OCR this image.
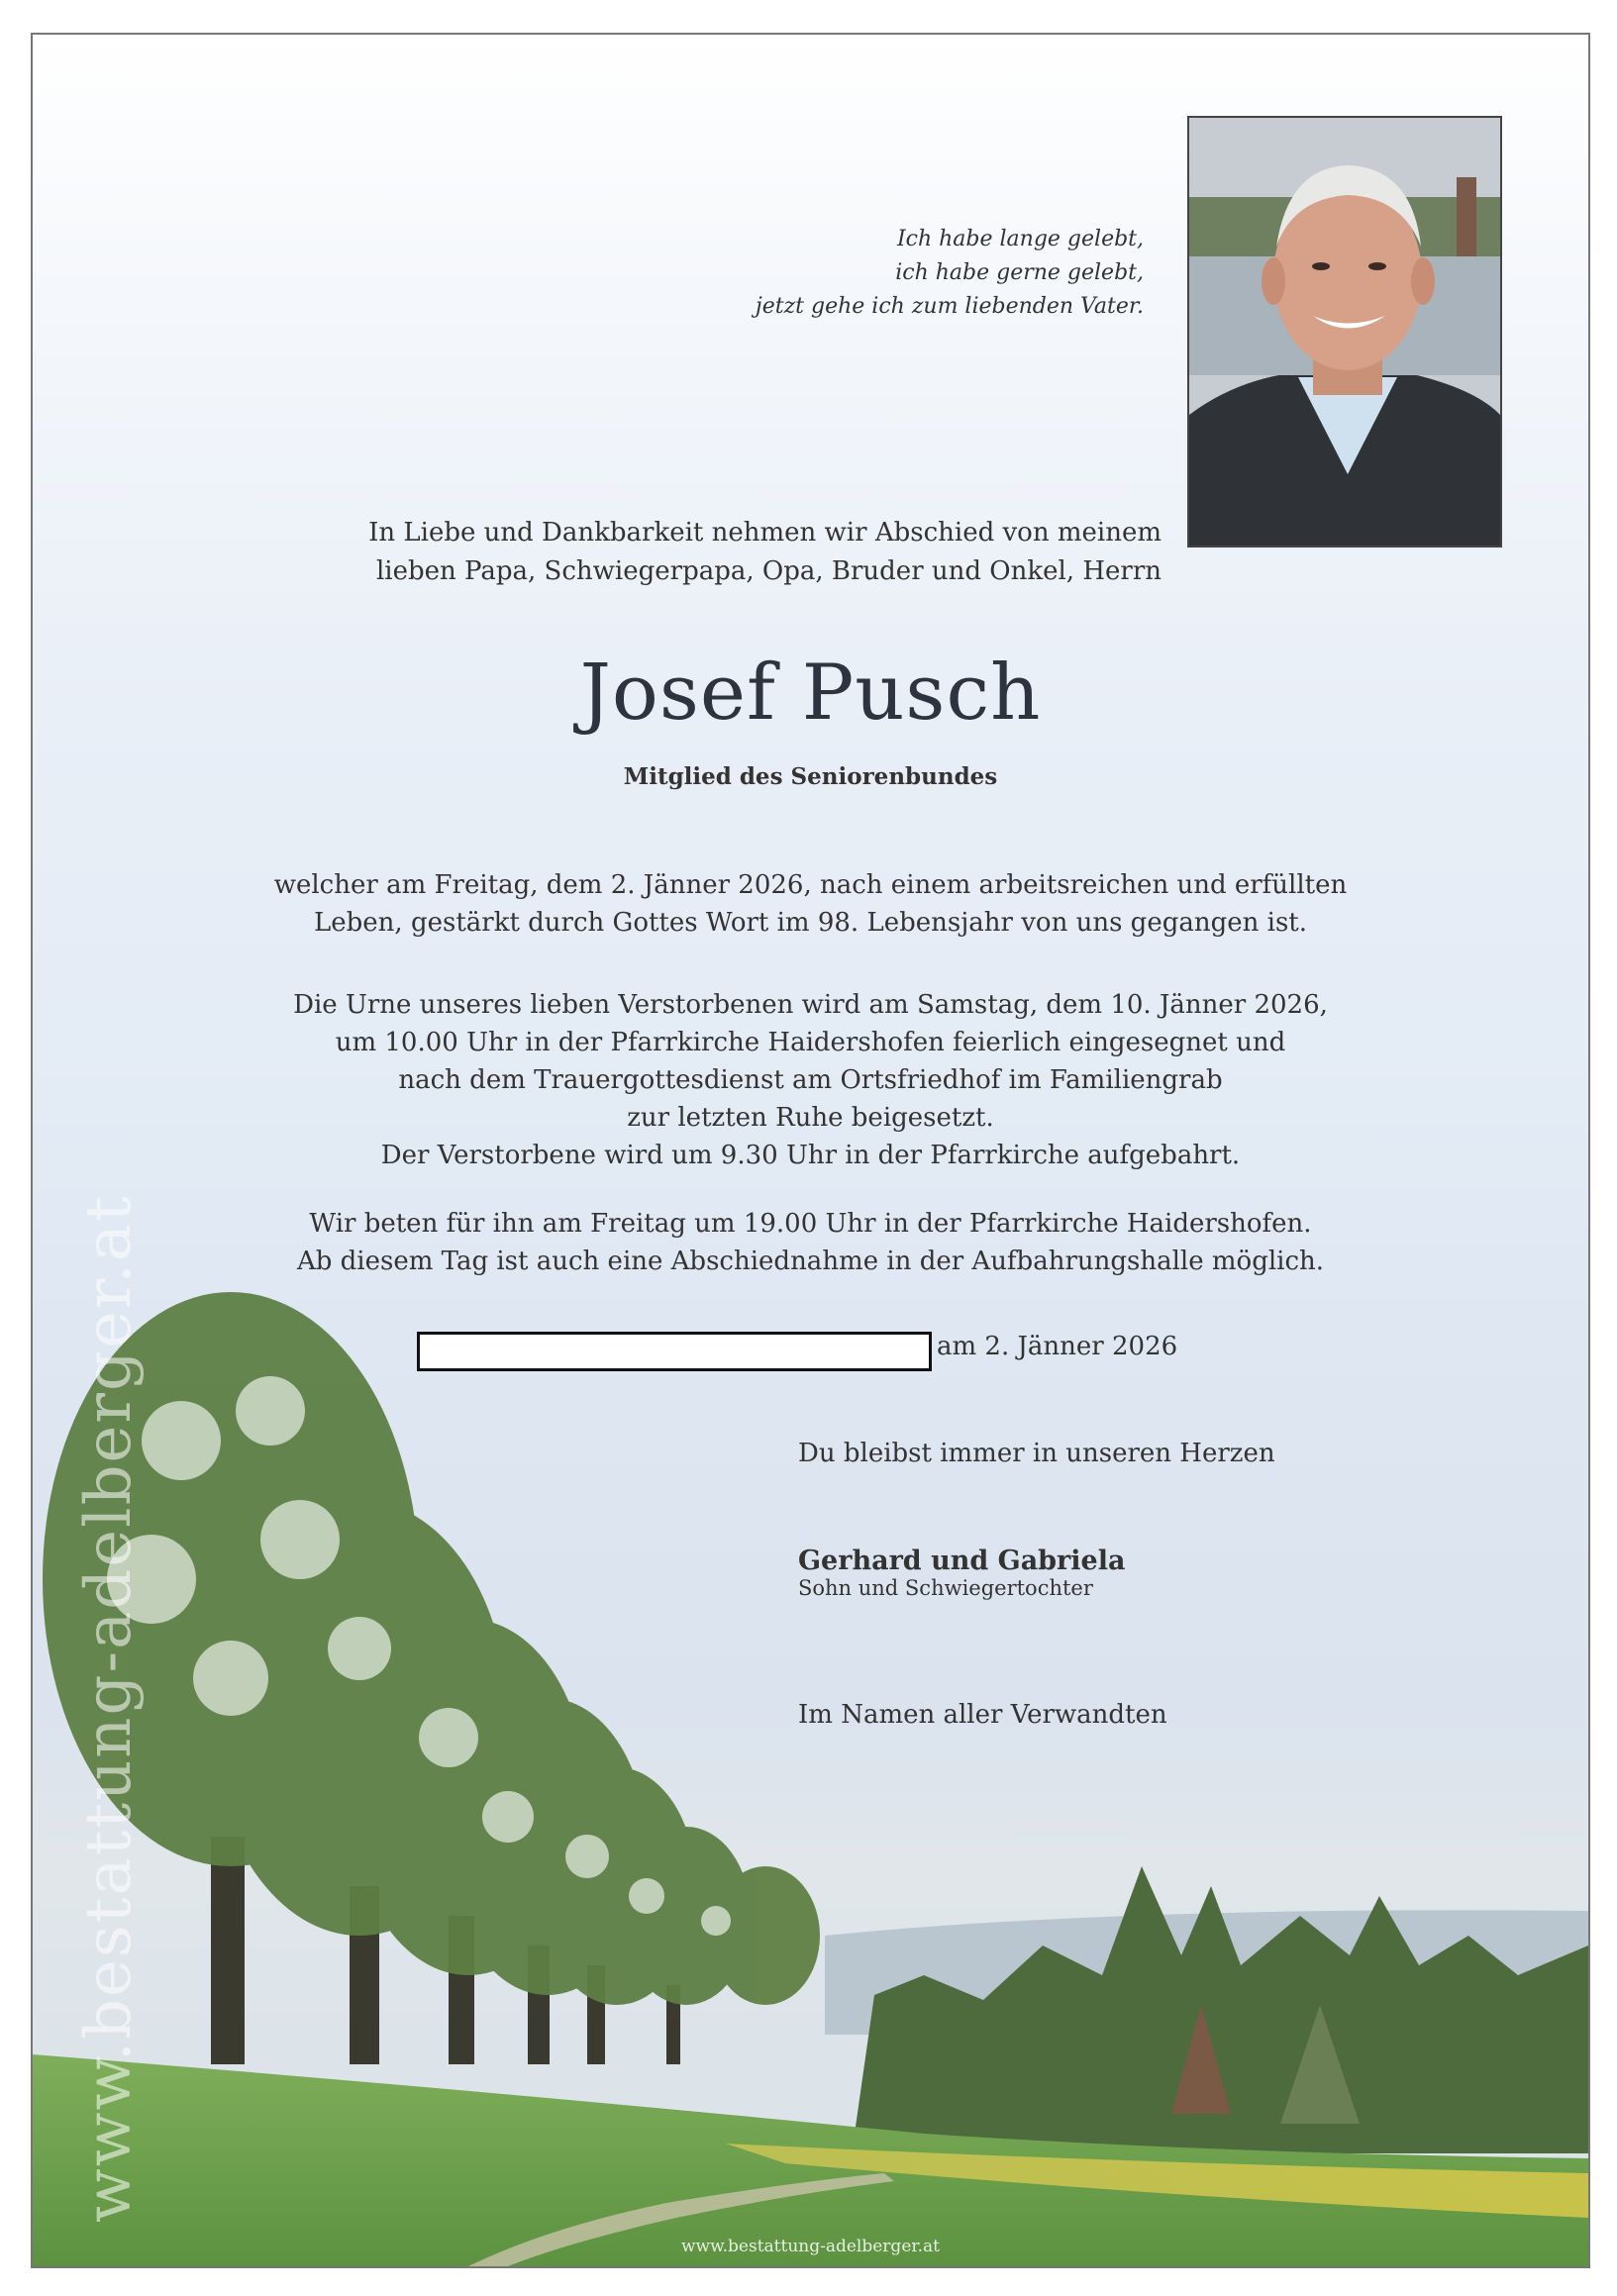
www.bestattung-adelberger.at
Ich habe lange gelebt,
ich habe gerne gelebt,
jetzt gehe ich zum liebenden Vater.
In Liebe und Dankbarkeit nehmen wir Abschied von meinem
lieben Papa, Schwiegerpapa, Opa, Bruder und Onkel, Herrn
Josef Pusch
Mitglied des Seniorenbundes
welcher am Freitag, dem 2. Jänner 2026, nach einem arbeitsreichen und erfüllten
Leben, gestärkt durch Gottes Wort im 98. Lebensjahr von uns gegangen ist.
Die Urne unseres lieben Verstorbenen wird am Samstag, dem 10. Jänner 2026,
um 10.00 Uhr in der Pfarrkirche Haidershofen feierlich eingesegnet und
nach dem Trauergottesdienst am Ortsfriedhof im Familiengrab
zur letzten Ruhe beigesetzt.
Der Verstorbene wird um 9.30 Uhr in der Pfarrkirche aufgebahrt.
Wir beten für ihn am Freitag um 19.00 Uhr in der Pfarrkirche Haidershofen.
Ab diesem Tag ist auch eine Abschiednahme in der Aufbahrungshalle möglich.
am 2. Jänner 2026
Du bleibst immer in unseren Herzen
Gerhard und Gabriela
Sohn und Schwiegertochter
Im Namen aller Verwandten
www.bestattung-adelberger.at
